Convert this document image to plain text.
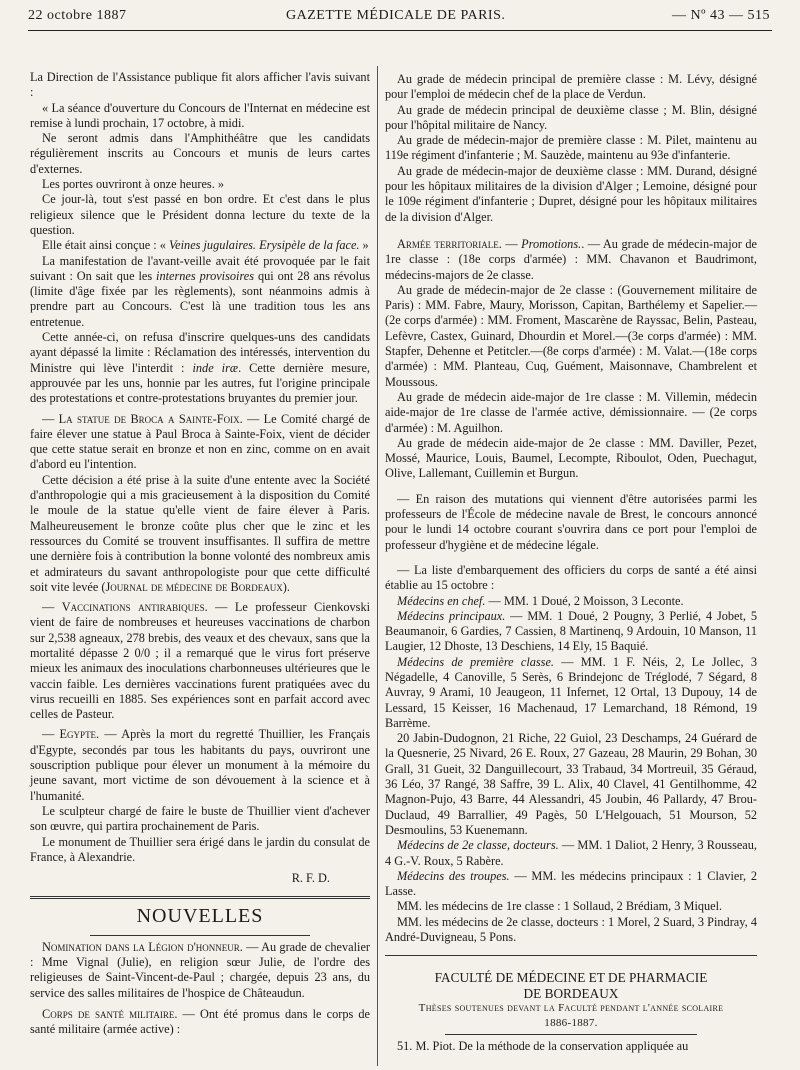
22 octobre 1887	GAZETTE MÉDICALE DE PARIS.	— Nº 43 — 515

La Direction de l'Assistance publique fit alors afficher l'avis suivant :

« La séance d'ouverture du Concours de l'Internat en médecine est remise à lundi prochain, 17 octobre, à midi.

Ne seront admis dans l'Amphithéâtre que les candidats régulièrement inscrits au Concours et munis de leurs cartes d'externes.

Les portes ouvriront à onze heures. »

Ce jour-là, tout s'est passé en bon ordre. Et c'est dans le plus religieux silence que le Président donna lecture du texte de la question.

Elle était ainsi conçue : « Veines jugulaires. Erysipèle de la face. »

La manifestation de l'avant-veille avait été provoquée par le fait suivant : On sait que les internes provisoires qui ont 28 ans révolus (limite d'âge fixée par les règlements), sont néanmoins admis à prendre part au Concours. C'est là une tradition tous les ans entretenue.

Cette année-ci, on refusa d'inscrire quelques-uns des candidats ayant dépassé la limite : Réclamation des intéressés, intervention du Ministre qui lève l'interdit : inde iræ. Cette dernière mesure, approuvée par les uns, honnie par les autres, fut l'origine principale des protestations et contre-protestations bruyantes du premier jour.

— La statue de Broca a Sainte-Foix. — Le Comité chargé de faire élever une statue à Paul Broca à Sainte-Foix, vient de décider que cette statue serait en bronze et non en zinc, comme on en avait d'abord eu l'intention.

Cette décision a été prise à la suite d'une entente avec la Société d'anthropologie qui a mis gracieusement à la disposition du Comité le moule de la statue qu'elle vient de faire élever à Paris. Malheureusement le bronze coûte plus cher que le zinc et les ressources du Comité se trouvent insuffisantes. Il suffira de mettre une dernière fois à contribution la bonne volonté des nombreux amis et admirateurs du savant anthropologiste pour que cette difficulté soit vite levée (Journal de médecine de Bordeaux).

— Vaccinations antirabiques. — Le professeur Cienkovski vient de faire de nombreuses et heureuses vaccinations de charbon sur 2,538 agneaux, 278 brebis, des veaux et des chevaux, sans que la mortalité dépasse 2 0/0 ; il a remarqué que le virus fort préserve mieux les animaux des inoculations charbonneuses ultérieures que le vaccin faible. Les dernières vaccinations furent pratiquées avec du virus recueilli en 1885. Ses expériences sont en parfait accord avec celles de Pasteur.

— Egypte. — Après la mort du regretté Thuillier, les Français d'Egypte, secondés par tous les habitants du pays, ouvriront une souscription publique pour élever un monument à la mémoire du jeune savant, mort victime de son dévouement à la science et à l'humanité.

Le sculpteur chargé de faire le buste de Thuillier vient d'achever son œuvre, qui partira prochainement de Paris.

Le monument de Thuillier sera érigé dans le jardin du consulat de France, à Alexandrie.

R. F. D.
NOUVELLES

Nomination dans la Légion d'honneur. — Au grade de chevalier : Mme Vignal (Julie), en religion sœur Julie, de l'ordre des religieuses de Saint-Vincent-de-Paul ; chargée, depuis 23 ans, du service des salles militaires de l'hospice de Châteaudun.

Corps de santé militaire. — Ont été promus dans le corps de santé militaire (armée active) :

Au grade de médecin principal de première classe : M. Lévy, désigné pour l'emploi de médecin chef de la place de Verdun.

Au grade de médecin principal de deuxième classe ; M. Blin, désigné pour l'hôpital militaire de Nancy.

Au grade de médecin-major de première classe : M. Pilet, maintenu au 119e régiment d'infanterie ; M. Sauzède, maintenu au 93e d'infanterie.

Au grade de médecin-major de deuxième classe : MM. Durand, désigné pour les hôpitaux militaires de la division d'Alger ; Lemoine, désigné pour le 109e régiment d'infanterie ; Dupret, désigné pour les hôpitaux militaires de la division d'Alger.

Armée territoriale. — Promotions.. — Au grade de médecin-major de 1re classe : (18e corps d'armée) : MM. Chavanon et Baudrimont, médecins-majors de 2e classe.

Au grade de médecin-major de 2e classe : (Gouvernement militaire de Paris) : MM. Fabre, Maury, Morisson, Capitan, Barthélemy et Sapelier.—(2e corps d'armée) : MM. Froment, Mascarène de Rayssac, Belin, Pasteau, Lefèvre, Castex, Guinard, Dhourdin et Morel.—(3e corps d'armée) : MM. Stapfer, Dehenne et Petitcler.—(8e corps d'armée) : M. Valat.—(18e corps d'armée) : MM. Planteau, Cuq, Guément, Maisonnave, Chambrelent et Moussous.

Au grade de médecin aide-major de 1re classe : M. Villemin, médecin aide-major de 1re classe de l'armée active, démissionnaire. — (2e corps d'armée) : M. Aguilhon.

Au grade de médecin aide-major de 2e classe : MM. Daviller, Pezet, Mossé, Maurice, Louis, Baumel, Lecompte, Riboulot, Oden, Puechagut, Olive, Lallemant, Cuillemin et Burgun.

— En raison des mutations qui viennent d'être autorisées parmi les professeurs de l'École de médecine navale de Brest, le concours annoncé pour le lundi 14 octobre courant s'ouvrira dans ce port pour l'emploi de professeur d'hygiène et de médecine légale.

— La liste d'embarquement des officiers du corps de santé a été ainsi établie au 15 octobre :

Médecins en chef. — MM. 1 Doué, 2 Moisson, 3 Leconte.

Médecins principaux. — MM. 1 Doué, 2 Pougny, 3 Perlié, 4 Jobet, 5 Beaumanoir, 6 Gardies, 7 Cassien, 8 Martinenq, 9 Ardouin, 10 Manson, 11 Laugier, 12 Dhoste, 13 Deschiens, 14 Ely, 15 Baquié.

Médecins de première classe. — MM. 1 F. Néis, 2, Le Jollec, 3 Négadelle, 4 Canoville, 5 Serès, 6 Brindejonc de Tréglodé, 7 Ségard, 8 Auvray, 9 Arami, 10 Jeaugeon, 11 Infernet, 12 Ortal, 13 Dupouy, 14 de Lessard, 15 Keisser, 16 Machenaud, 17 Lemarchand, 18 Rémond, 19 Barrème.

20 Jabin-Dudognon, 21 Riche, 22 Guiol, 23 Deschamps, 24 Guérard de la Quesnerie, 25 Nivard, 26 E. Roux, 27 Gazeau, 28 Maurin, 29 Bohan, 30 Grall, 31 Gueit, 32 Danguillecourt, 33 Trabaud, 34 Mortreuil, 35 Géraud, 36 Léo, 37 Rangé, 38 Saffre, 39 L. Alix, 40 Clavel, 41 Gentilhomme, 42 Magnon-Pujo, 43 Barre, 44 Alessandri, 45 Joubin, 46 Pallardy, 47 Brou-Duclaud, 49 Barrallier, 49 Pagès, 50 L'Helgouach, 51 Mourson, 52 Desmoulins, 53 Kuenemann.

Médecins de 2e classe, docteurs. — MM. 1 Daliot, 2 Henry, 3 Rousseau, 4 G.-V. Roux, 5 Rabère.

Médecins des troupes. — MM. les médecins principaux : 1 Clavier, 2 Lasse.

MM. les médecins de 1re classe : 1 Sollaud, 2 Brédiam, 3 Miquel.

MM. les médecins de 2e classe, docteurs : 1 Morel, 2 Suard, 3 Pindray, 4 André-Duvigneau, 5 Pons.

FACULTÉ DE MÉDECINE ET DE PHARMACIE
DE BORDEAUX
Thèses soutenues devant la Faculté pendant l'année scolaire
1886-1887.

51. M. Piot. De la méthode de la conservation appliquée au
